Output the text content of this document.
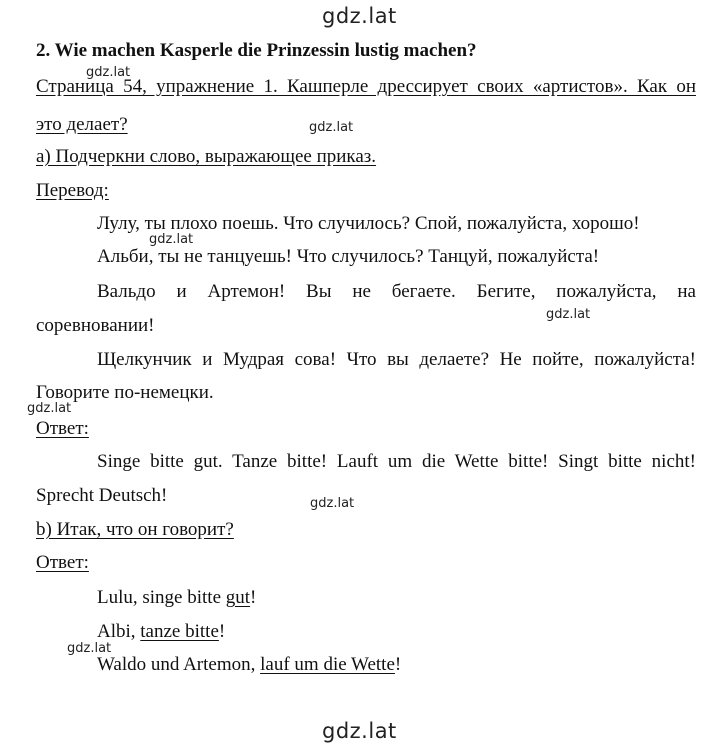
gdz.lat
gdz.lat
gdz.lat
gdz.lat
gdz.lat
gdz.lat
gdz.lat
gdz.lat
gdz.lat
2. Wie machen Kasperle die Prinzessin lustig machen?
Страница 54, упражнение 1. Кашперле дрессирует своих «артистов». Как он
это делает?
а) Подчеркни слово, выражающее приказ.
Перевод:
Лулу, ты плохо поешь. Что случилось? Спой, пожалуйста, хорошо!
Альби, ты не танцуешь! Что случилось? Танцуй, пожалуйста!
Вальдо и Артемон! Вы не бегаете. Бегите, пожалуйста, на
соревновании!
Щелкунчик и Мудрая сова! Что вы делаете? Не пойте, пожалуйста!
Говорите по-немецки.
Ответ:
Singe bitte gut. Tanze bitte! Lauft um die Wette bitte! Singt bitte nicht!
Sprecht Deutsch!
b) Итак, что он говорит?
Ответ:
Lulu, singe bitte gut!
Albi, tanze bitte!
Waldo und Artemon, lauf um die Wette!
